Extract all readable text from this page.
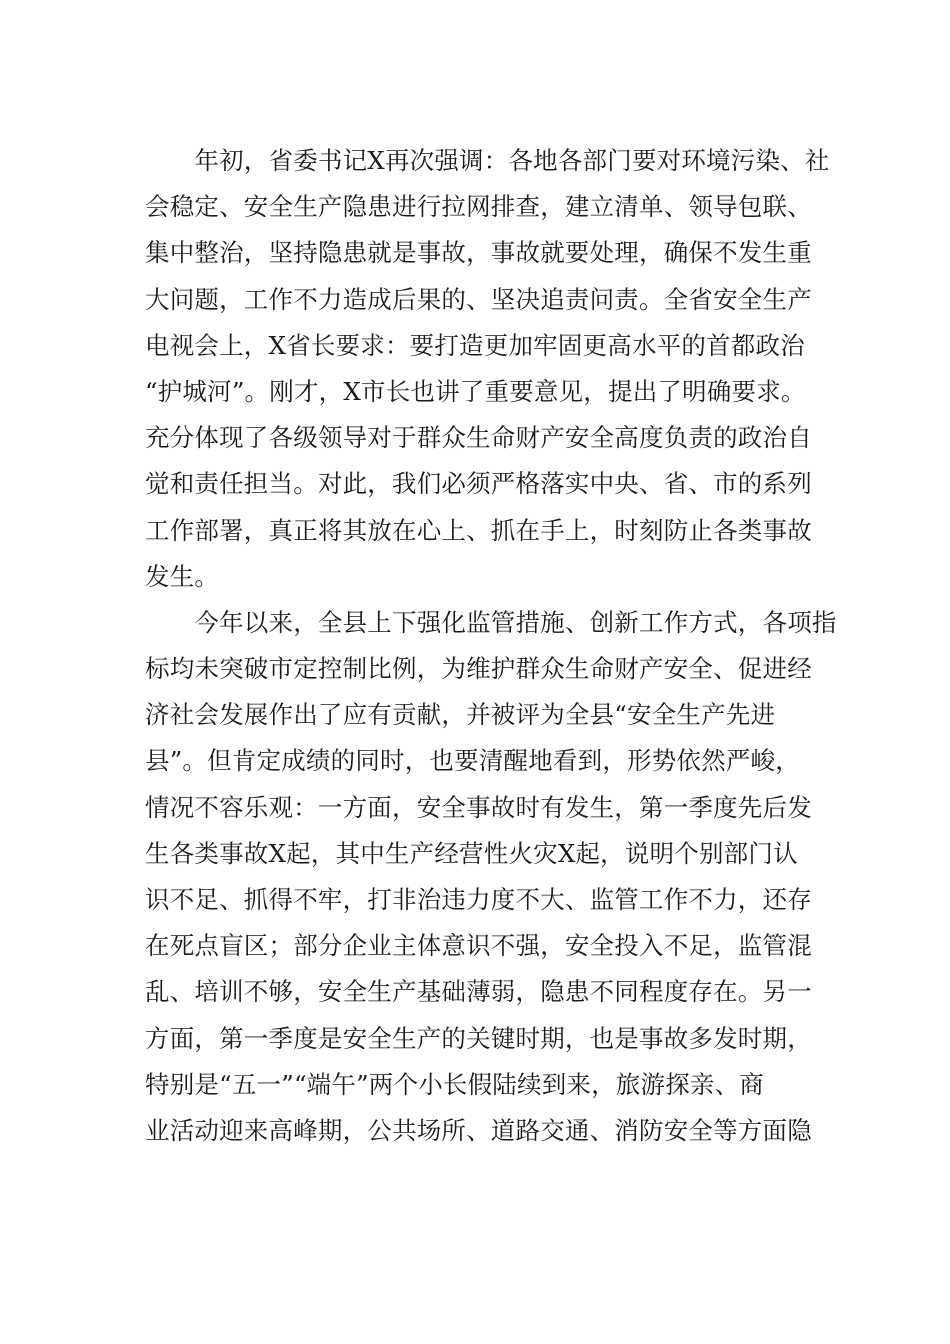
　　年初，省委书记X再次强调：各地各部门要对环境污染、社
会稳定、安全生产隐患进行拉网排查，建立清单、领导包联、
集中整治，坚持隐患就是事故，事故就要处理，确保不发生重
大问题，工作不力造成后果的、坚决追责问责。全省安全生产
电视会上，X省长要求：要打造更加牢固更高水平的首都政治
“护城河”。刚才，X市长也讲了重要意见，提出了明确要求。
充分体现了各级领导对于群众生命财产安全高度负责的政治自
觉和责任担当。对此，我们必须严格落实中央、省、市的系列
工作部署，真正将其放在心上、抓在手上，时刻防止各类事故
发生。
　　今年以来，全县上下强化监管措施、创新工作方式，各项指
标均未突破市定控制比例，为维护群众生命财产安全、促进经
济社会发展作出了应有贡献，并被评为全县“安全生产先进
县”。但肯定成绩的同时，也要清醒地看到，形势依然严峻，
情况不容乐观：一方面，安全事故时有发生，第一季度先后发
生各类事故X起，其中生产经营性火灾X起，说明个别部门认
识不足、抓得不牢，打非治违力度不大、监管工作不力，还存
在死点盲区；部分企业主体意识不强，安全投入不足，监管混
乱、培训不够，安全生产基础薄弱，隐患不同程度存在。另一
方面，第一季度是安全生产的关键时期，也是事故多发时期，
特别是“五一”“端午”两个小长假陆续到来，旅游探亲、商
业活动迎来高峰期，公共场所、道路交通、消防安全等方面隐
